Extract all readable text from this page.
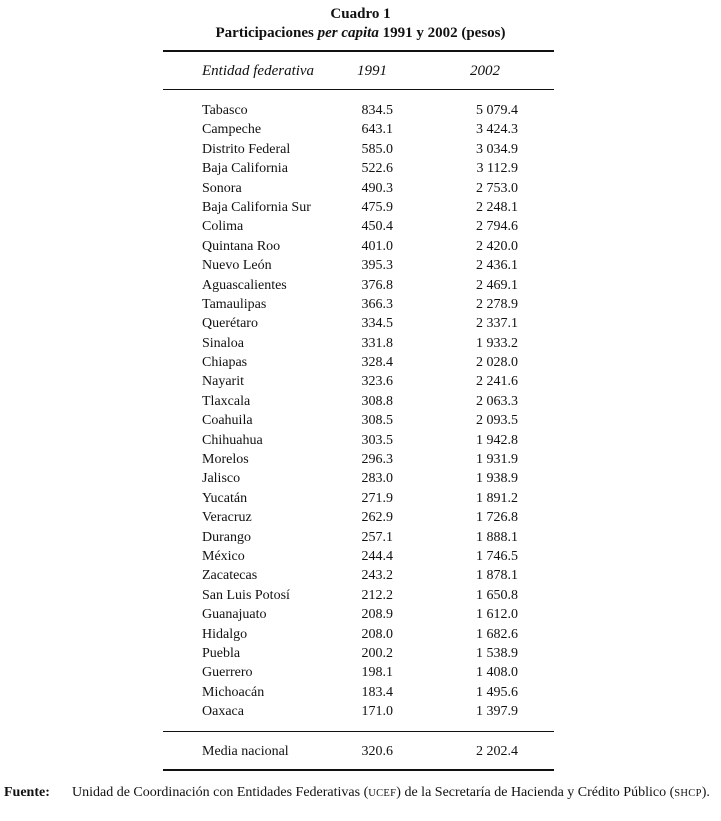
Cuadro 1
Participaciones per capita 1991 y 2002 (pesos)
Entidad federativa	1991	2002
Tabasco	834.5	5 079.4
Campeche	643.1	3 424.3
Distrito Federal	585.0	3 034.9
Baja California	522.6	3 112.9
Sonora	490.3	2 753.0
Baja California Sur	475.9	2 248.1
Colima	450.4	2 794.6
Quintana Roo	401.0	2 420.0
Nuevo León	395.3	2 436.1
Aguascalientes	376.8	2 469.1
Tamaulipas	366.3	2 278.9
Querétaro	334.5	2 337.1
Sinaloa	331.8	1 933.2
Chiapas	328.4	2 028.0
Nayarit	323.6	2 241.6
Tlaxcala	308.8	2 063.3
Coahuila	308.5	2 093.5
Chihuahua	303.5	1 942.8
Morelos	296.3	1 931.9
Jalisco	283.0	1 938.9
Yucatán	271.9	1 891.2
Veracruz	262.9	1 726.8
Durango	257.1	1 888.1
México	244.4	1 746.5
Zacatecas	243.2	1 878.1
San Luis Potosí	212.2	1 650.8
Guanajuato	208.9	1 612.0
Hidalgo	208.0	1 682.6
Puebla	200.2	1 538.9
Guerrero	198.1	1 408.0
Michoacán	183.4	1 495.6
Oaxaca	171.0	1 397.9
Media nacional	320.6	2 202.4
Fuente: Unidad de Coordinación con Entidades Federativas (UCEF) de la Secretaría de Hacienda y Crédito Público (SHCP).
